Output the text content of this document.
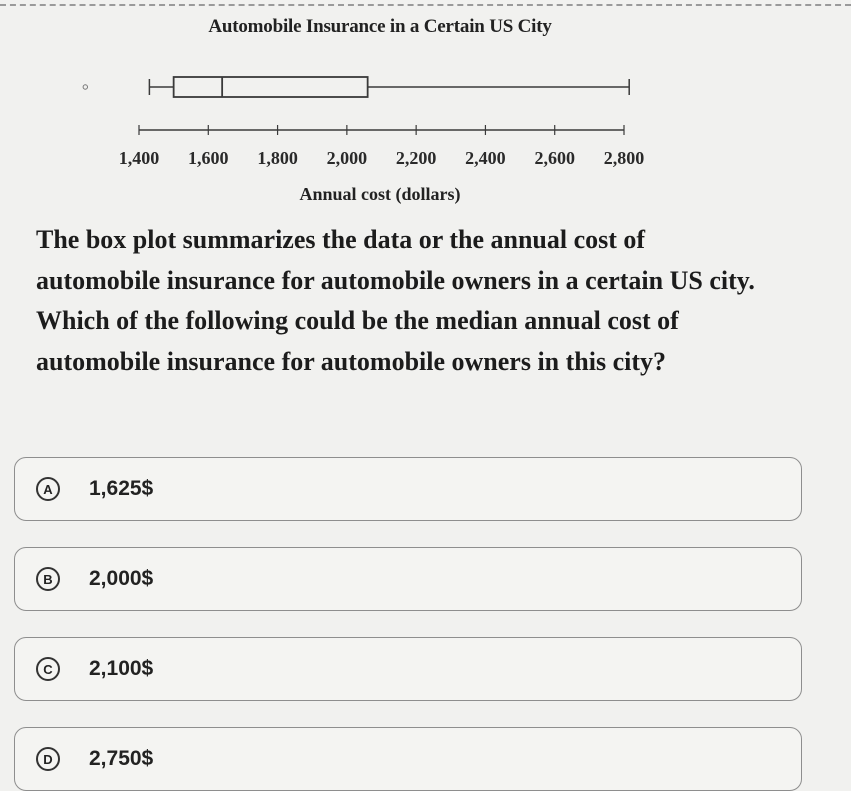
Automobile Insurance in a Certain US City
1,400 1,600 1,800 2,000 2,200 2,400 2,600 2,800
Annual cost (dollars)
The box plot summarizes the data or the annual cost of automobile insurance for automobile owners in a certain US city. Which of the following could be the median annual cost of automobile insurance for automobile owners in this city?
A	1,625$
B	2,000$
C	2,100$
D	2,750$
